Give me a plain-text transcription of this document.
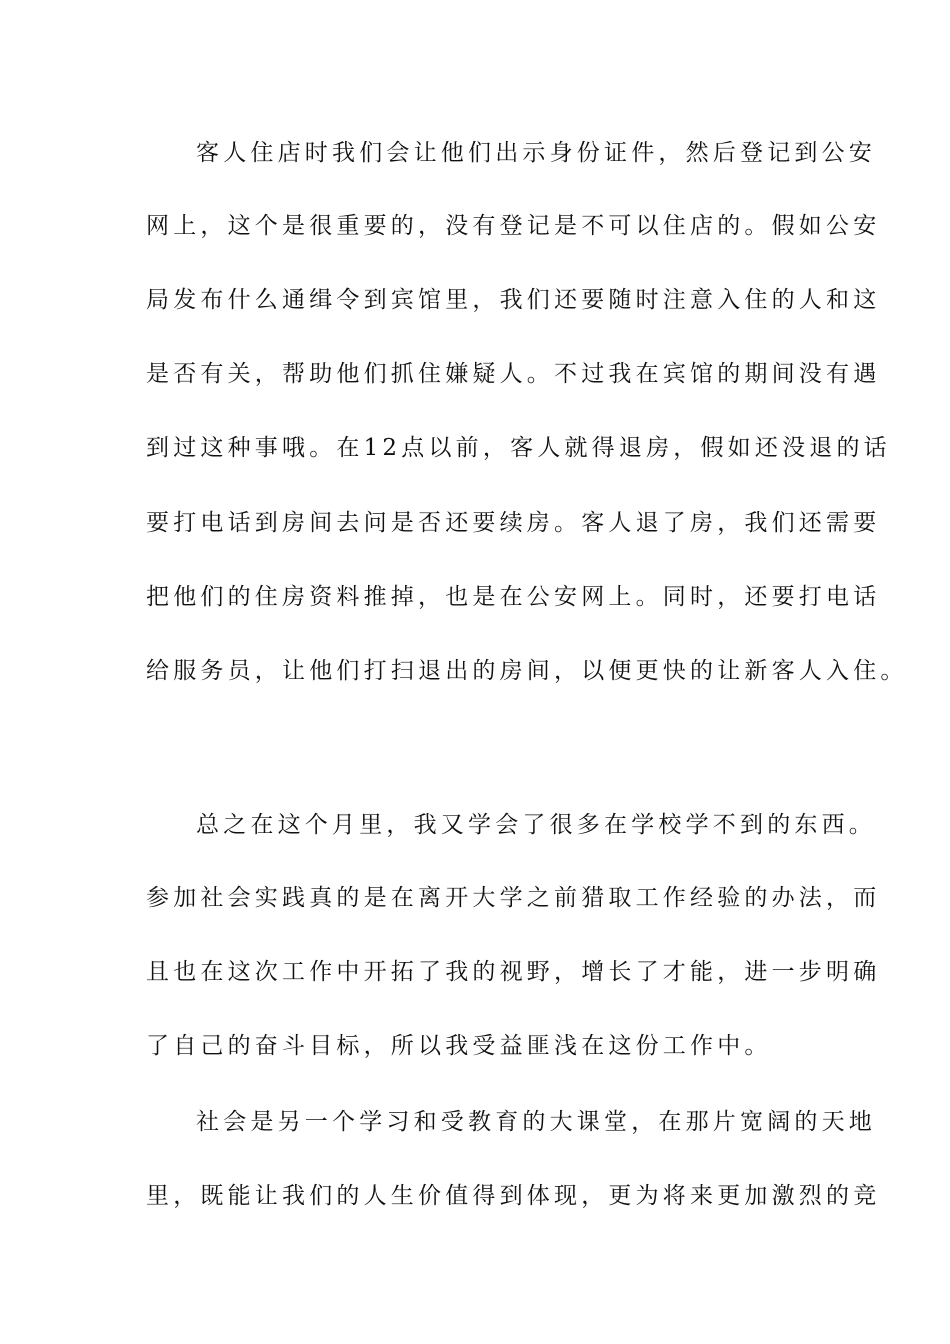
客人住店时我们会让他们出示身份证件，然后登记到公安
网上，这个是很重要的，没有登记是不可以住店的。假如公安
局发布什么通缉令到宾馆里，我们还要随时注意入住的人和这
是否有关，帮助他们抓住嫌疑人。不过我在宾馆的期间没有遇
到过这种事哦。在12点以前，客人就得退房，假如还没退的话
要打电话到房间去问是否还要续房。客人退了房，我们还需要
把他们的住房资料推掉，也是在公安网上。同时，还要打电话
给服务员，让他们打扫退出的房间，以便更快的让新客人入住。
总之在这个月里，我又学会了很多在学校学不到的东西。
参加社会实践真的是在离开大学之前猎取工作经验的办法，而
且也在这次工作中开拓了我的视野，增长了才能，进一步明确
了自己的奋斗目标，所以我受益匪浅在这份工作中。
社会是另一个学习和受教育的大课堂，在那片宽阔的天地
里，既能让我们的人生价值得到体现，更为将来更加激烈的竞
